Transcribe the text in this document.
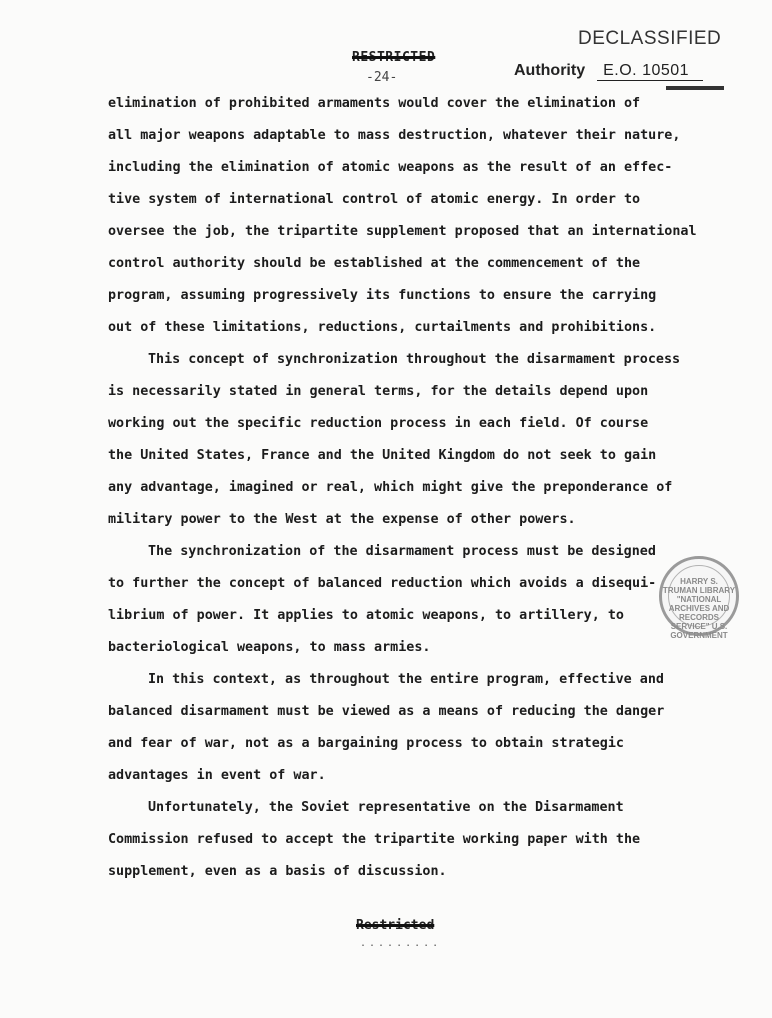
DECLASSIFIED
Authority E.O. 10501
RESTRICTED
-24-
elimination of prohibited armaments would cover the elimination of
all major weapons adaptable to mass destruction, whatever their nature,
including the elimination of atomic weapons as the result of an effec-
tive system of international control of atomic energy. In order to
oversee the job, the tripartite supplement proposed that an international
control authority should be established at the commencement of the
program, assuming progressively its functions to ensure the carrying
out of these limitations, reductions, curtailments and prohibitions.
This concept of synchronization throughout the disarmament process
is necessarily stated in general terms, for the details depend upon
working out the specific reduction process in each field. Of course
the United States, France and the United Kingdom do not seek to gain
any advantage, imagined or real, which might give the preponderance of
military power to the West at the expense of other powers.
The synchronization of the disarmament process must be designed
to further the concept of balanced reduction which avoids a disequi-
librium of power. It applies to atomic weapons, to artillery, to
bacteriological weapons, to mass armies.
In this context, as throughout the entire program, effective and
balanced disarmament must be viewed as a means of reducing the danger
and fear of war, not as a bargaining process to obtain strategic
advantages in event of war.
Unfortunately, the Soviet representative on the Disarmament
Commission refused to accept the tripartite working paper with the
supplement, even as a basis of discussion.
HARRY S. TRUMAN LIBRARY "NATIONAL ARCHIVES AND RECORDS SERVICE" U.S. GOVERNMENT
Restricted
.........
